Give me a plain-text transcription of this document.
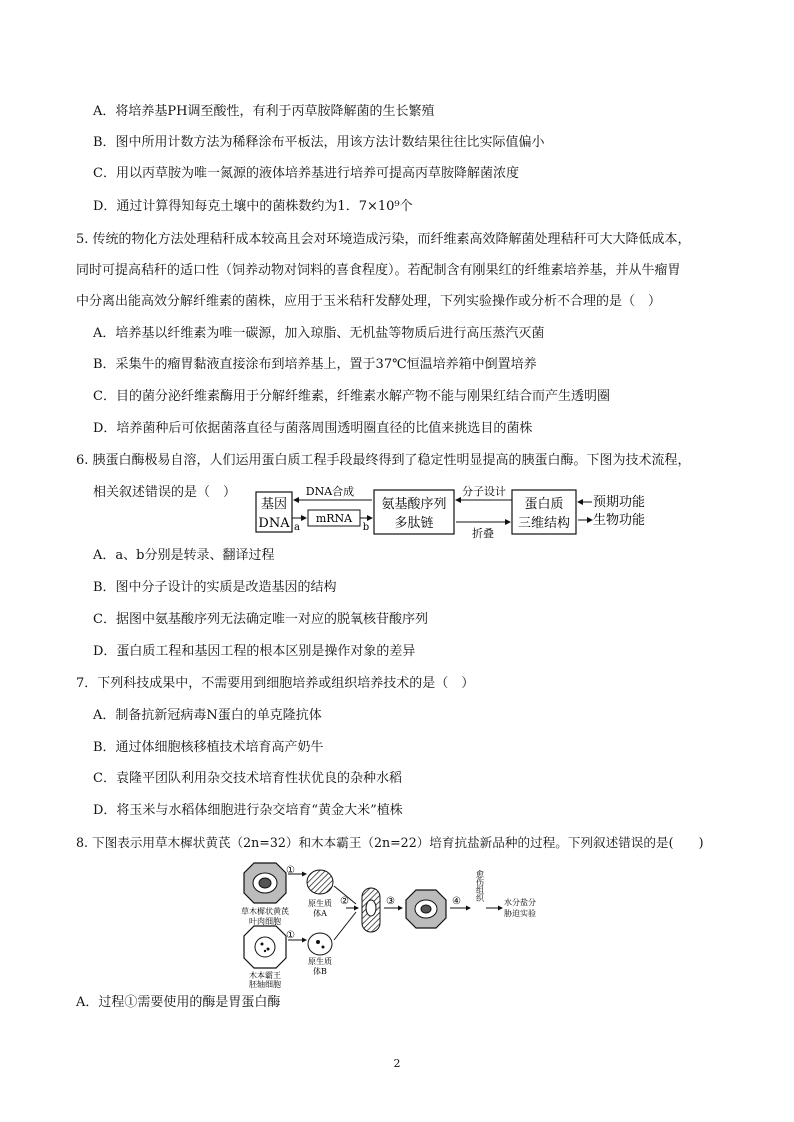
A．将培养基PH调至酸性，有利于丙草胺降解菌的生长繁殖
B．图中所用计数方法为稀释涂布平板法，用该方法计数结果往往比实际值偏小
C．用以丙草胺为唯一氮源的液体培养基进行培养可提高丙草胺降解菌浓度
D．通过计算得知每克土壤中的菌株数约为1．7×10⁹个
5. 传统的物化方法处理秸秆成本较高且会对环境造成污染，而纤维素高效降解菌处理秸秆可大大降低成本，
同时可提高秸秆的适口性（饲养动物对饲料的喜食程度）。若配制含有刚果红的纤维素培养基，并从牛瘤胃
中分离出能高效分解纤维素的菌株，应用于玉米秸秆发酵处理，下列实验操作或分析不合理的是（　）
A．培养基以纤维素为唯一碳源，加入琼脂、无机盐等物质后进行高压蒸汽灭菌
B．采集牛的瘤胃黏液直接涂布到培养基上，置于37℃恒温培养箱中倒置培养
C．目的菌分泌纤维素酶用于分解纤维素，纤维素水解产物不能与刚果红结合而产生透明圈
D．培养菌种后可依据菌落直径与菌落周围透明圈直径的比值来挑选目的菌株
6. 胰蛋白酶极易自溶，人们运用蛋白质工程手段最终得到了稳定性明显提高的胰蛋白酶。下图为技术流程，
相关叙述错误的是（　）
基因
DNA
DNA合成
mRNA
a	b
氨基酸序列
多肽链
分子设计
折叠
蛋白质
三维结构
预期功能
生物功能
A．a、b分别是转录、翻译过程
B．图中分子设计的实质是改造基因的结构
C．据图中氨基酸序列无法确定唯一对应的脱氧核苷酸序列
D．蛋白质工程和基因工程的根本区别是操作对象的差异
7．下列科技成果中，不需要用到细胞培养或组织培养技术的是（　）
A．制备抗新冠病毒N蛋白的单克隆抗体
B．通过体细胞核移植技术培育高产奶牛
C．袁隆平团队利用杂交技术培育性状优良的杂种水稻
D．将玉米与水稻体细胞进行杂交培育“黄金大米”植株
8. 下图表示用草木樨状黄芪（2n=32）和木本霸王（2n=22）培育抗盐新品种的过程。下列叙述错误的是(　　)
草木樨状黄芪
叶肉细胞
①
原生质
体A
木本霸王
胚轴细胞
①
原生质
体B
②	③	④ 愈伤组织
水分盐分
胁迫实验
A．过程①需要使用的酶是胃蛋白酶
2
